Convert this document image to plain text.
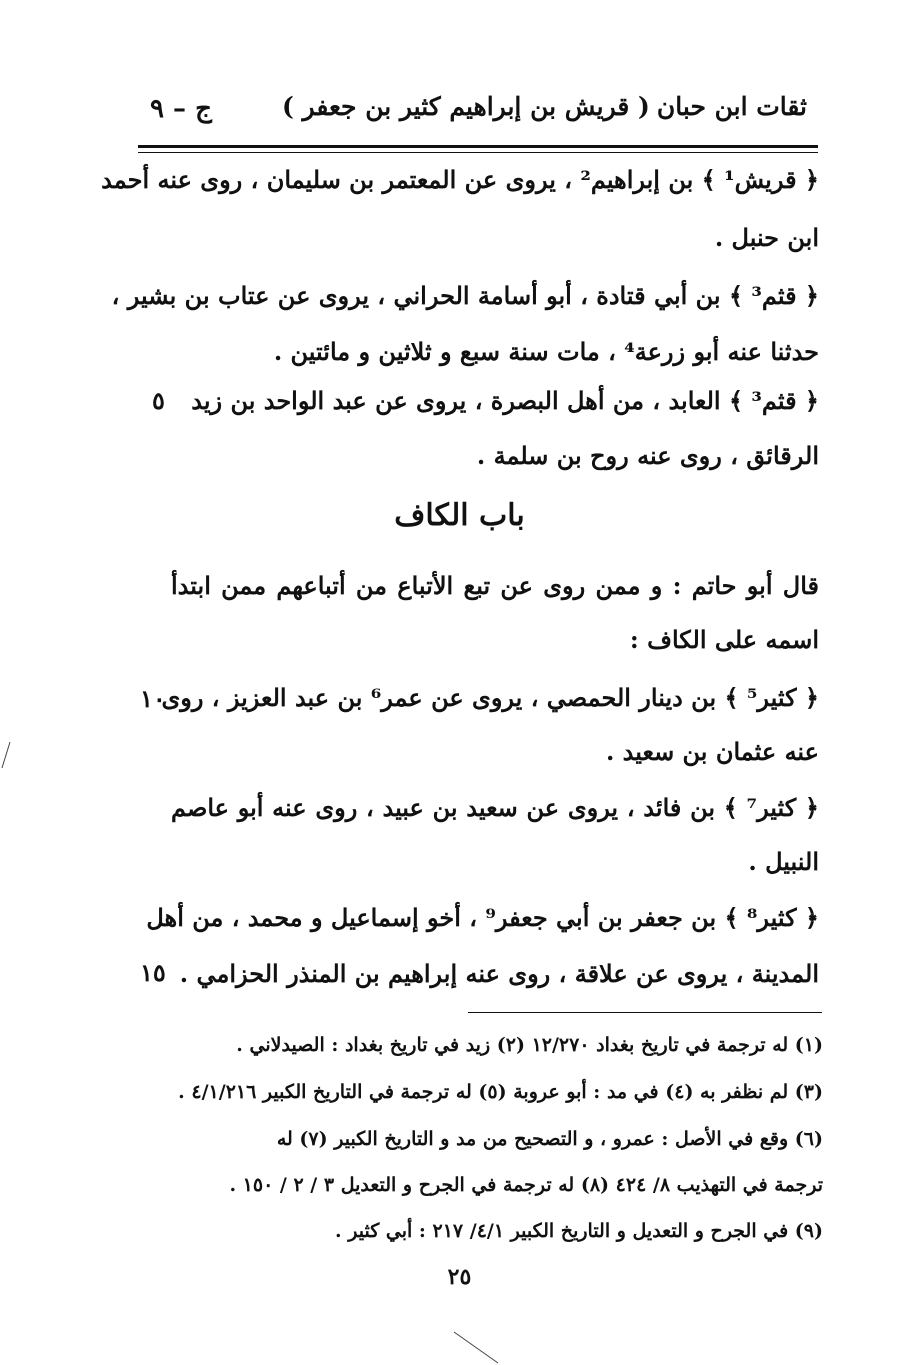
ثقات ابن حبان
( قريش بن إبراهيم كثير بن جعفر )
ج – ٩
﴿ قريش¹ ﴾ بن إبراهيم² ، يروى عن المعتمر بن سليمان ، روى عنه أحمد
ابن حنبل .
﴿ قثم³ ﴾ بن أبي قتادة ، أبو أسامة الحراني ، يروى عن عتاب بن بشير ،
حدثنا عنه أبو زرعة⁴ ، مات سنة سبع و ثلاثين و مائتين .
﴿ قثم³ ﴾ العابد ، من أهل البصرة ، يروى عن عبد الواحد بن زيد
الرقائق ، روى عنه روح بن سلمة .
باب الكاف
قال أبو حاتم : و ممن روى عن تبع الأتباع من أتباعهم ممن ابتدأ
اسمه على الكاف :
﴿ كثير⁵ ﴾ بن دينار الحمصي ، يروى عن عمر⁶ بن عبد العزيز ، روى
عنه عثمان بن سعيد .
﴿ كثير⁷ ﴾ بن فائد ، يروى عن سعيد بن عبيد ، روى عنه أبو عاصم
النبيل .
﴿ كثير⁸ ﴾ بن جعفر بن أبي جعفر⁹ ، أخو إسماعيل و محمد ، من أهل
المدينة ، يروى عن علاقة ، روى عنه إبراهيم بن المنذر الحزامي .
٥
١٠
١٥
(١) له ترجمة في تاريخ بغداد ١٢/٢٧٠ (٢) زيد في تاريخ بغداد : الصيدلاني .
(٣) لم نظفر به (٤) في مد : أبو عروبة (٥) له ترجمة في التاريخ الكبير ٤/١/٢١٦ .
(٦) وقع في الأصل : عمرو ، و التصحيح من مد و التاريخ الكبير (٧) له
ترجمة في التهذيب ٨/ ٤٢٤ (٨) له ترجمة في الجرح و التعديل ٣ / ٢ / ١٥٠ .
(٩) في الجرح و التعديل و التاريخ الكبير ٤/١/ ٢١٧ : أبي كثير .
٢٥
